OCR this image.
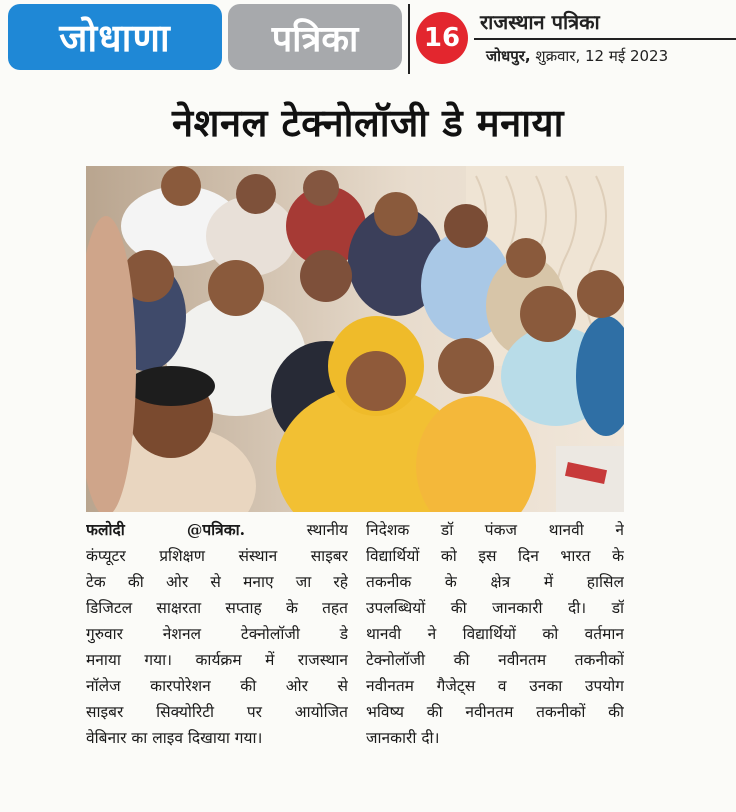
जोधाणा	पत्रिका	16
राजस्थान पत्रिका
जोधपुर, शुक्रवार, 12 मई 2023
नेशनल टेक्नोलॉजी डे मनाया
फलोदी @पत्रिका.	स्थानीय
कंप्यूटर प्रशिक्षण संस्थान साइबर
टेक की ओर से मनाए जा रहे
डिजिटल साक्षरता सप्ताह के तहत
गुरुवार नेशनल टेक्नोलॉजी डे
मनाया गया। कार्यक्रम में राजस्थान
नॉलेज कारपोरेशन की ओर से
साइबर सिक्योरिटी पर आयोजित
वेबिनार का लाइव दिखाया गया।
निदेशक डॉ पंकज थानवी ने
विद्यार्थियों को इस दिन भारत के
तकनीक के क्षेत्र में हासिल
उपलब्धियों की जानकारी दी। डॉ
थानवी ने विद्यार्थियों को वर्तमान
टेक्नोलॉजी की नवीनतम तकनीकों
नवीनतम गैजेट्स व उनका उपयोग
भविष्य की नवीनतम तकनीकों की
जानकारी दी।
